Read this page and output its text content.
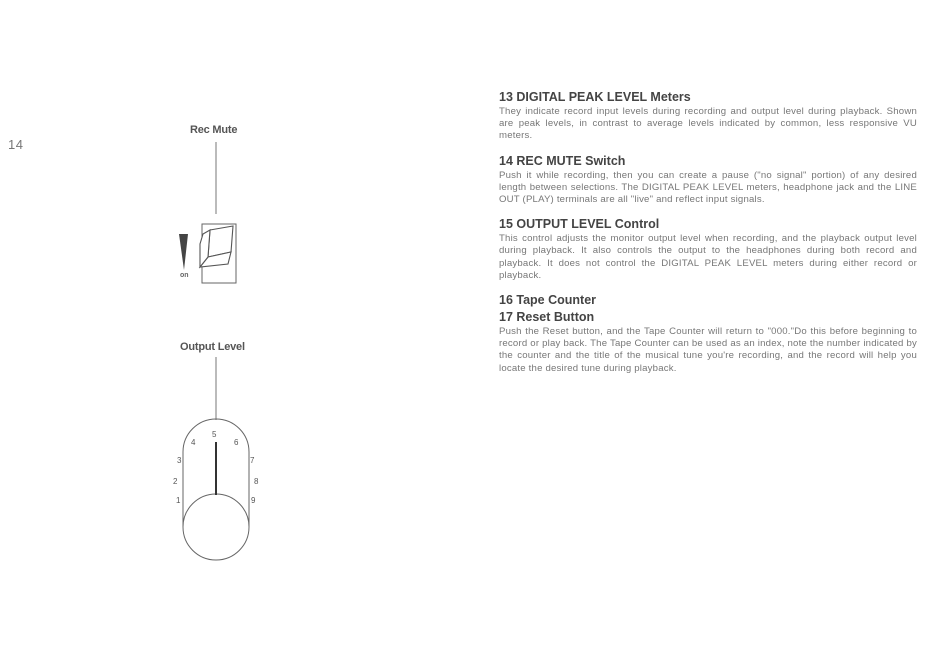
14
Rec Mute
on
Output Level
1
2
3
4
5
6
7
8
9
13 DIGITAL PEAK LEVEL Meters

They indicate record input levels during recording and output level during playback. Shown are peak levels, in contrast to average levels indicated by common, less responsive VU meters.

14 REC MUTE Switch

Push it while recording, then you can create a pause ("no signal" portion) of any desired length between selections. The DIGITAL PEAK LEVEL meters, headphone jack and the LINE OUT (PLAY) terminals are all "live" and reflect input signals.

15 OUTPUT LEVEL Control

This control adjusts the monitor output level when recording, and the playback output level during playback. It also controls the output to the headphones during both record and playback. It does not control the DIGITAL PEAK LEVEL meters during either record or playback.

16 Tape Counter
17 Reset Button

Push the Reset button, and the Tape Counter will return to "000."Do this before beginning to record or play back. The Tape Counter can be used as an index, note the number indicated by the counter and the title of the musical tune you're recording, and the record will help you locate the desired tune during playback.
